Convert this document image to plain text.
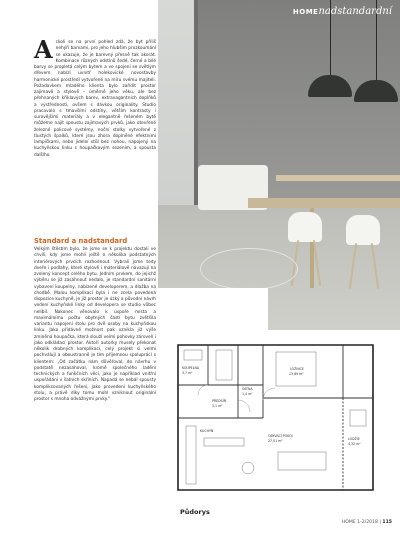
HOMEnadstandardní

Ackoli se na první pohled zdá, že byt příliš nehýří barvami, pro jeho hlubším prozkoumání se ukazuje, že je barevný přesně tak akorát. Kombinace různých odstínů šedé, černé a bílé barvy se propletá celým bytem a ve spojení se světlým dřevem nabízí uvnitř holekovické novostavby harmonické prostředí vytvořené na míru svému majiteli. Požadavkem mladého klienta bylo zařídit prostor zajímavě a stylově – úměrně jeho věku, ale bez přehnaných křiklavých barev, extravagantních doplňků a výstředností, ovšem s dávkou originality. Studio pracovalo s tmavšími odstíny, větším kontrasty i surovějšími materiály a v elegantně řešeném bytě můžeme najít spoustu zajímavých prvků, jako otevřené železné policové systémy, noční stolky vytvořené z tlustých špalků, které jsou zhora doplněné efektními lampičkami, nebo jídelní stůl bez nohou, napojený na kuchyňskou linku s houpačkovým sezením, a spousta dalšího.

Standard a nadstandard

Velkým štěstím bylo, že jsme se k projektu dostali ve chvíli, kdy jsme mohli ještě o několika podstatných interiérových prvcích rozhodnout. Vybrali jsme tedy dveře i podlahy, které stylově i materiálově navazují na zvolený koncept celého bytu. Jedním prvkem, do jejichž výběru se již zasáhnout nedalo, je standardní sanitární vybavení koupelny, nabízené developerem, a dlažba na chodbě. Malou komplikací byla i ne zcela povedená dispozice kuchyně, je již prostor je úzký a původní návrh vedení kuchyňské linky od developera se studio vůbec nelíbil. Nakonec věnovalo k úspoře místa a maximálnímu počtu obytných částí bytu zvětšila variantu napojení stolu pro dvě osoby na kuchyňskou linku. Jako přidávné možnost pak vznikla již výše zmíněná houpačka, která slouží velmi pohovky zároveň i jako odkládací prostor. Aktoři autorky musely překonat několik drobných komplikací, celý projekt si velmi pochválují a oboustranně je tím příjemnou spoluprácí s klientem: „Od začátku nám důvěřoval, do návrhu v podstatě nezasahoval, kromě společného ladění technických a funkčních věcí, jako je například vnitřní uspořádání v šatních skříních. Napadá se nebál spousty kompliksovaných řešení, jako provedení kuchyňského stolu, a právě díky tomu mohl vzniknout originální prostor s mnoha odvážnými prvky.“

LOŽNICE
13,89 m²
KOUPELNA
3,7 m²
ŠATNA
1,4 m²
PŘEDSÍŇ
3,1 m²
OBÝVACÍ POKOJ
27,51 m²	LODŽIE
4,32 m²
KUCHYŇ
Půdorys
HOME 1-2/2018 | 115
